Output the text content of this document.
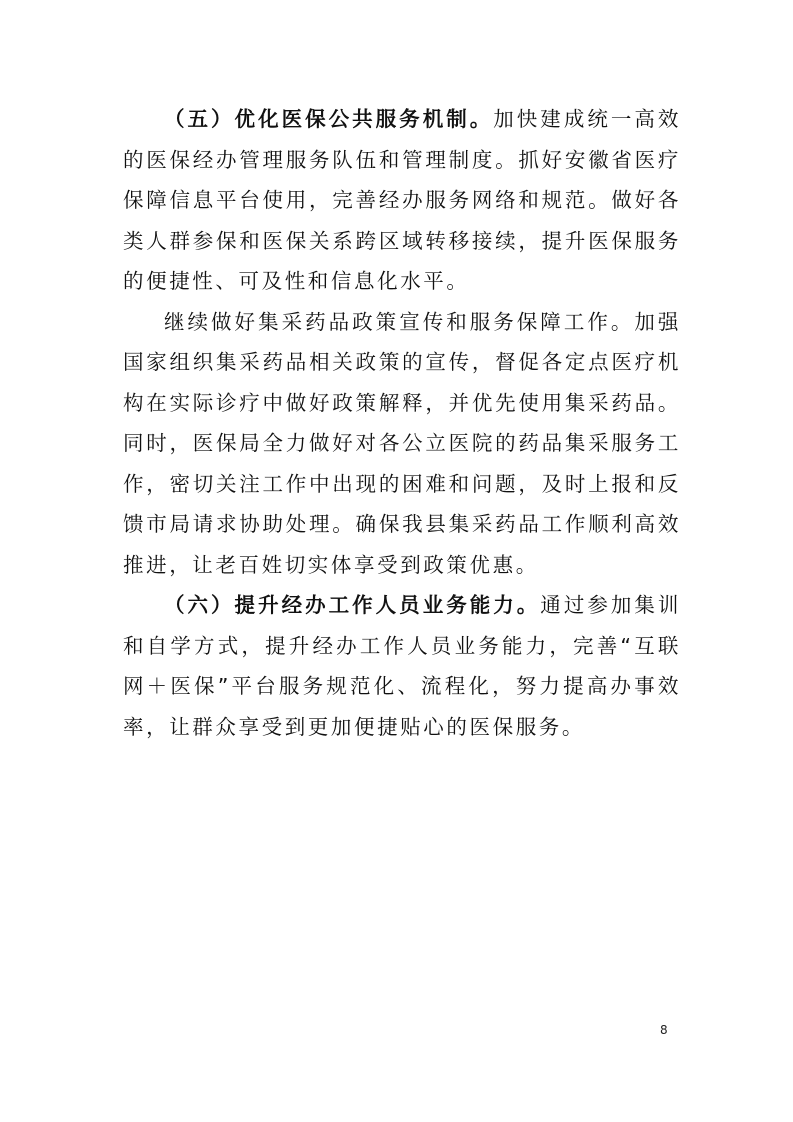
（五）优化医保公共服务机制。加快建成统一高效的医保经办管理服务队伍和管理制度。抓好安徽省医疗保障信息平台使用，完善经办服务网络和规范。做好各类人群参保和医保关系跨区域转移接续，提升医保服务的便捷性、可及性和信息化水平。

继续做好集采药品政策宣传和服务保障工作。加强国家组织集采药品相关政策的宣传，督促各定点医疗机构在实际诊疗中做好政策解释，并优先使用集采药品。同时，医保局全力做好对各公立医院的药品集采服务工作，密切关注工作中出现的困难和问题，及时上报和反馈市局请求协助处理。确保我县集采药品工作顺利高效推进，让老百姓切实体享受到政策优惠。

（六）提升经办工作人员业务能力。通过参加集训和自学方式，提升经办工作人员业务能力，完善“互联网＋医保”平台服务规范化、流程化，努力提高办事效率，让群众享受到更加便捷贴心的医保服务。

8
